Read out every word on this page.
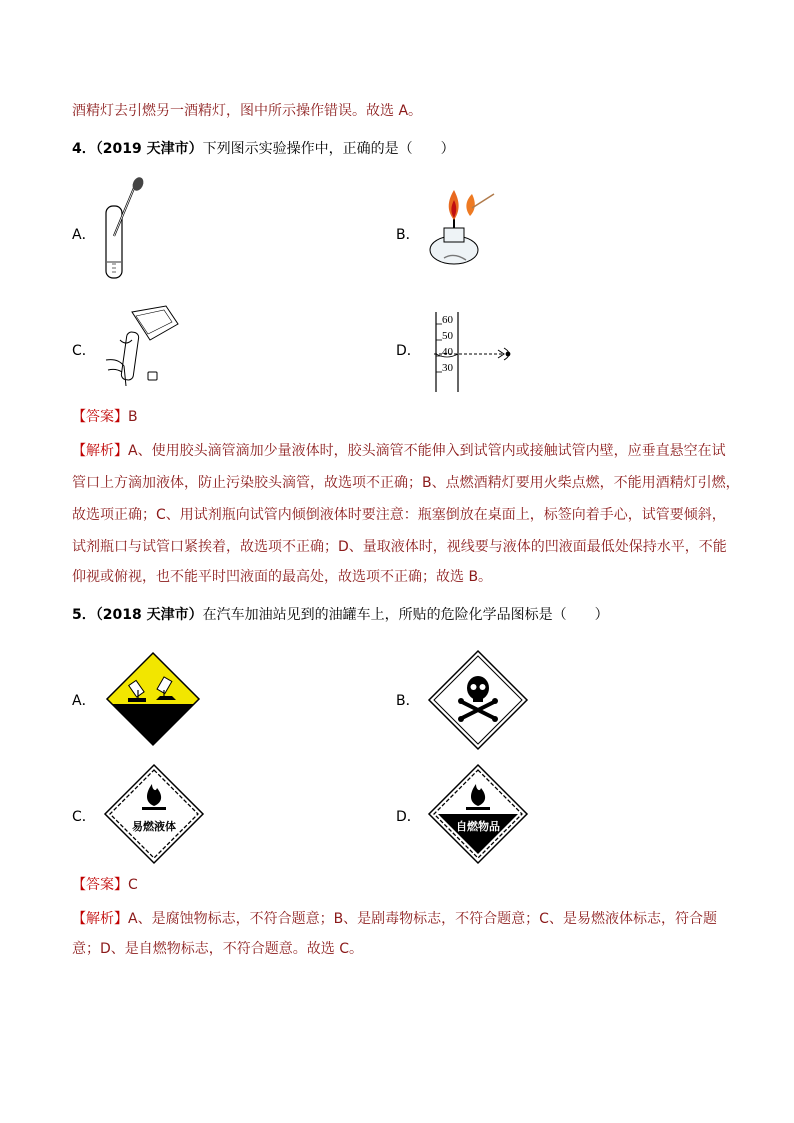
酒精灯去引燃另一酒精灯，图中所示操作错误。故选 A。
4．（2019 天津市）下列图示实验操作中，正确的是（　　）
A．	B．
C．	D．
60
50
40
30
【答案】B
【解析】A、使用胶头滴管滴加少量液体时，胶头滴管不能伸入到试管内或接触试管内壁，应垂直悬空在试
管口上方滴加液体，防止污染胶头滴管，故选项不正确；B、点燃酒精灯要用火柴点燃，不能用酒精灯引燃，
故选项正确；C、用试剂瓶向试管内倾倒液体时要注意：瓶塞倒放在桌面上，标签向着手心，试管要倾斜，
试剂瓶口与试管口紧挨着，故选项不正确；D、量取液体时，视线要与液体的凹液面最低处保持水平，不能
仰视或俯视，也不能平时凹液面的最高处，故选项不正确；故选 B。
5．（2018 天津市）在汽车加油站见到的油罐车上，所贴的危险化学品图标是（　　）
A．	B．
C．	D．
易燃液体	自燃物品
【答案】C
【解析】A、是腐蚀物标志，不符合题意；B、是剧毒物标志，不符合题意；C、是易燃液体标志，符合题
意；D、是自燃物标志，不符合题意。故选 C。
